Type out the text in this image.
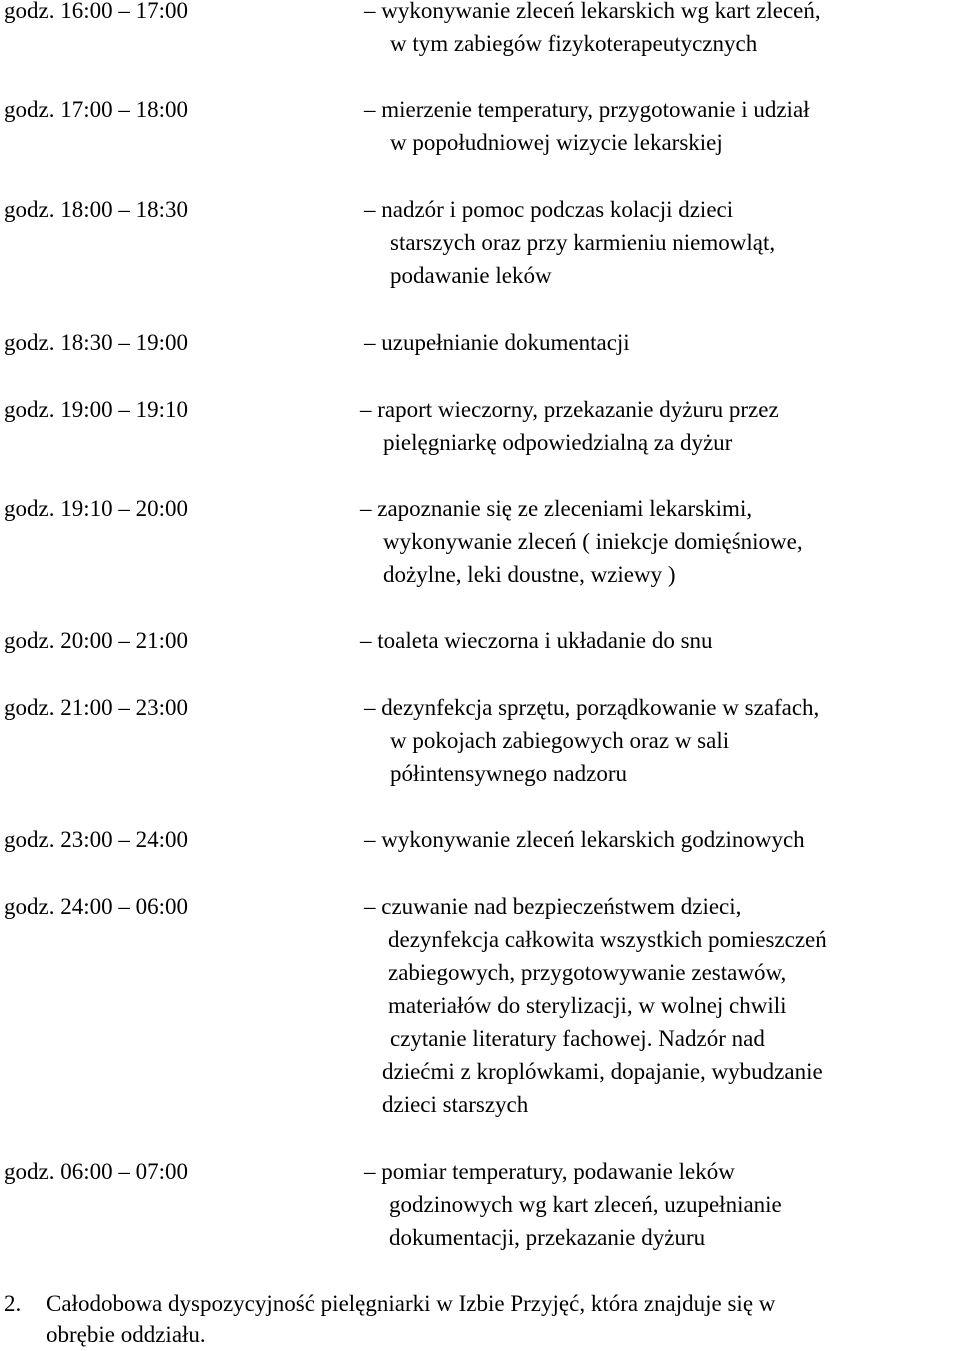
godz. 16:00 – 17:00	– wykonywanie zleceń lekarskich wg kart zleceń,
w tym zabiegów fizykoterapeutycznych
godz. 17:00 – 18:00	– mierzenie temperatury, przygotowanie i udział
w popołudniowej wizycie lekarskiej
godz. 18:00 – 18:30	– nadzór i pomoc podczas kolacji dzieci
starszych oraz przy karmieniu niemowląt,
podawanie leków
godz. 18:30 – 19:00	– uzupełnianie dokumentacji
godz. 19:00 – 19:10	– raport wieczorny, przekazanie dyżuru przez
pielęgniarkę odpowiedzialną za dyżur
godz. 19:10 – 20:00	– zapoznanie się ze zleceniami lekarskimi,
wykonywanie zleceń ( iniekcje domięśniowe,
dożylne, leki doustne, wziewy )
godz. 20:00 – 21:00	– toaleta wieczorna i układanie do snu
godz. 21:00 – 23:00	– dezynfekcja sprzętu, porządkowanie w szafach,
w pokojach zabiegowych oraz w sali
półintensywnego nadzoru
godz. 23:00 – 24:00	– wykonywanie zleceń lekarskich godzinowych
godz. 24:00 – 06:00	– czuwanie nad bezpieczeństwem dzieci,
dezynfekcja całkowita wszystkich pomieszczeń
zabiegowych, przygotowywanie zestawów,
materiałów do sterylizacji, w wolnej chwili
czytanie literatury fachowej. Nadzór nad
dziećmi z kroplówkami, dopajanie, wybudzanie
dzieci starszych
godz. 06:00 – 07:00	– pomiar temperatury, podawanie leków
godzinowych wg kart zleceń, uzupełnianie
dokumentacji, przekazanie dyżuru
2. Całodobowa dyspozycyjność pielęgniarki w Izbie Przyjęć, która znajduje się w
obrębie oddziału.
